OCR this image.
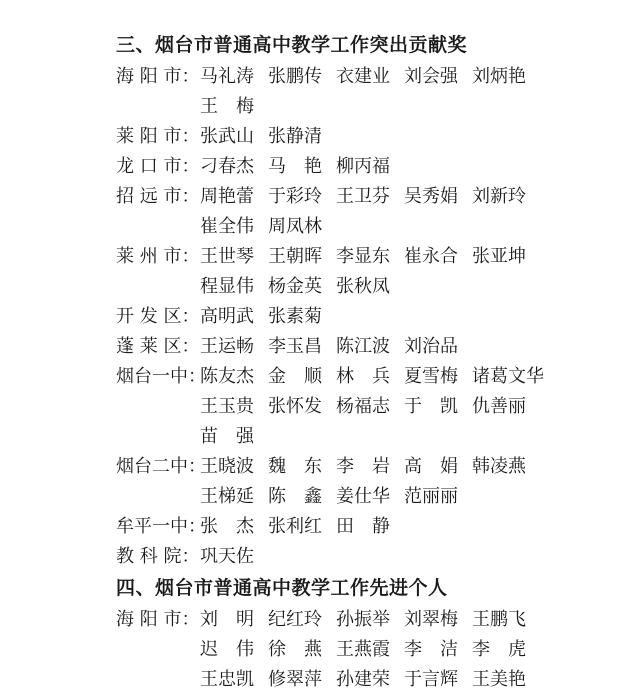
三、烟台市普通高中教学工作突出贡献奖
海 阳 市： 马礼涛 张鹏传 衣建业 刘会强 刘炳艳
王　梅
莱 阳 市： 张武山 张静清
龙 口 市： 刁春杰 马　艳 柳丙福
招 远 市： 周艳蕾 于彩玲 王卫芬 吴秀娟 刘新玲
崔全伟 周凤林
莱 州 市： 王世琴 王朝晖 李显东 崔永合 张亚坤
程显伟 杨金英 张秋凤
开 发 区： 高明武 张素菊
蓬 莱 区： 王运畅 李玉昌 陈江波 刘治品
烟台一中：
陈友杰 金　顺 林　兵 夏雪梅 诸葛文华
王玉贵 张怀发 杨福志 于　凯 仇善丽
苗　强
烟台二中：
王晓波 魏　东 李　岩 高　娟 韩凌燕
王梯延 陈　鑫 姜仕华 范丽丽
牟平一中：
张　杰 张利红 田　静
教 科 院： 巩天佐
四、烟台市普通高中教学工作先进个人
海 阳 市： 刘　明 纪红玲 孙振举 刘翠梅 王鹏飞
迟　伟 徐　燕 王燕霞 李　洁 李　虎
王忠凯 修翠萍 孙建荣 于言辉 王美艳
